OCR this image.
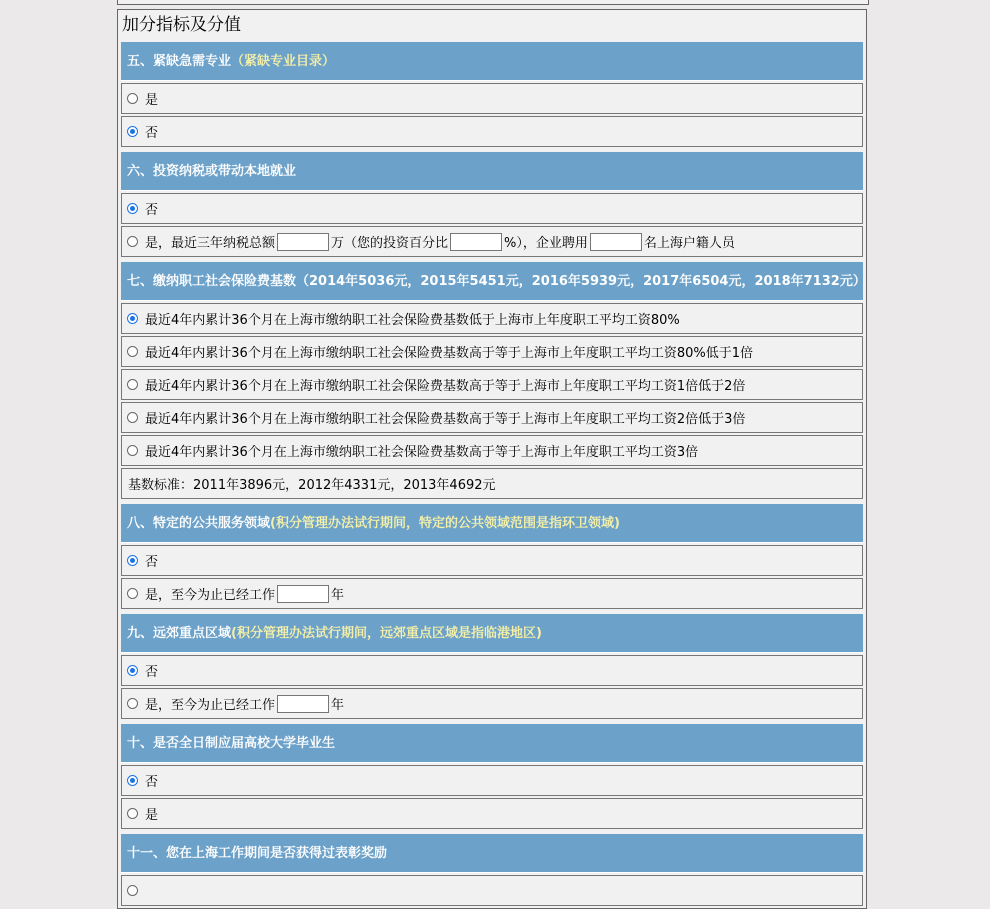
加分指标及分值
五、紧缺急需专业（紧缺专业目录）
是
否
六、投资纳税或带动本地就业
否
是，最近三年纳税总额	万（您的投资百分比	%），企业聘用	名上海户籍人员
七、缴纳职工社会保险费基数（2014年5036元，2015年5451元，2016年5939元，2017年6504元，2018年7132元）
最近4年内累计36个月在上海市缴纳职工社会保险费基数低于上海市上年度职工平均工资80%
最近4年内累计36个月在上海市缴纳职工社会保险费基数高于等于上海市上年度职工平均工资80%低于1倍
最近4年内累计36个月在上海市缴纳职工社会保险费基数高于等于上海市上年度职工平均工资1倍低于2倍
最近4年内累计36个月在上海市缴纳职工社会保险费基数高于等于上海市上年度职工平均工资2倍低于3倍
最近4年内累计36个月在上海市缴纳职工社会保险费基数高于等于上海市上年度职工平均工资3倍
基数标准：2011年3896元，2012年4331元，2013年4692元
八、特定的公共服务领域(积分管理办法试行期间，特定的公共领域范围是指环卫领域)
否
是，至今为止已经工作	年
九、远郊重点区域(积分管理办法试行期间，远郊重点区域是指临港地区)
否
是，至今为止已经工作	年
十、是否全日制应届高校大学毕业生
否
是
十一、您在上海工作期间是否获得过表彰奖励
